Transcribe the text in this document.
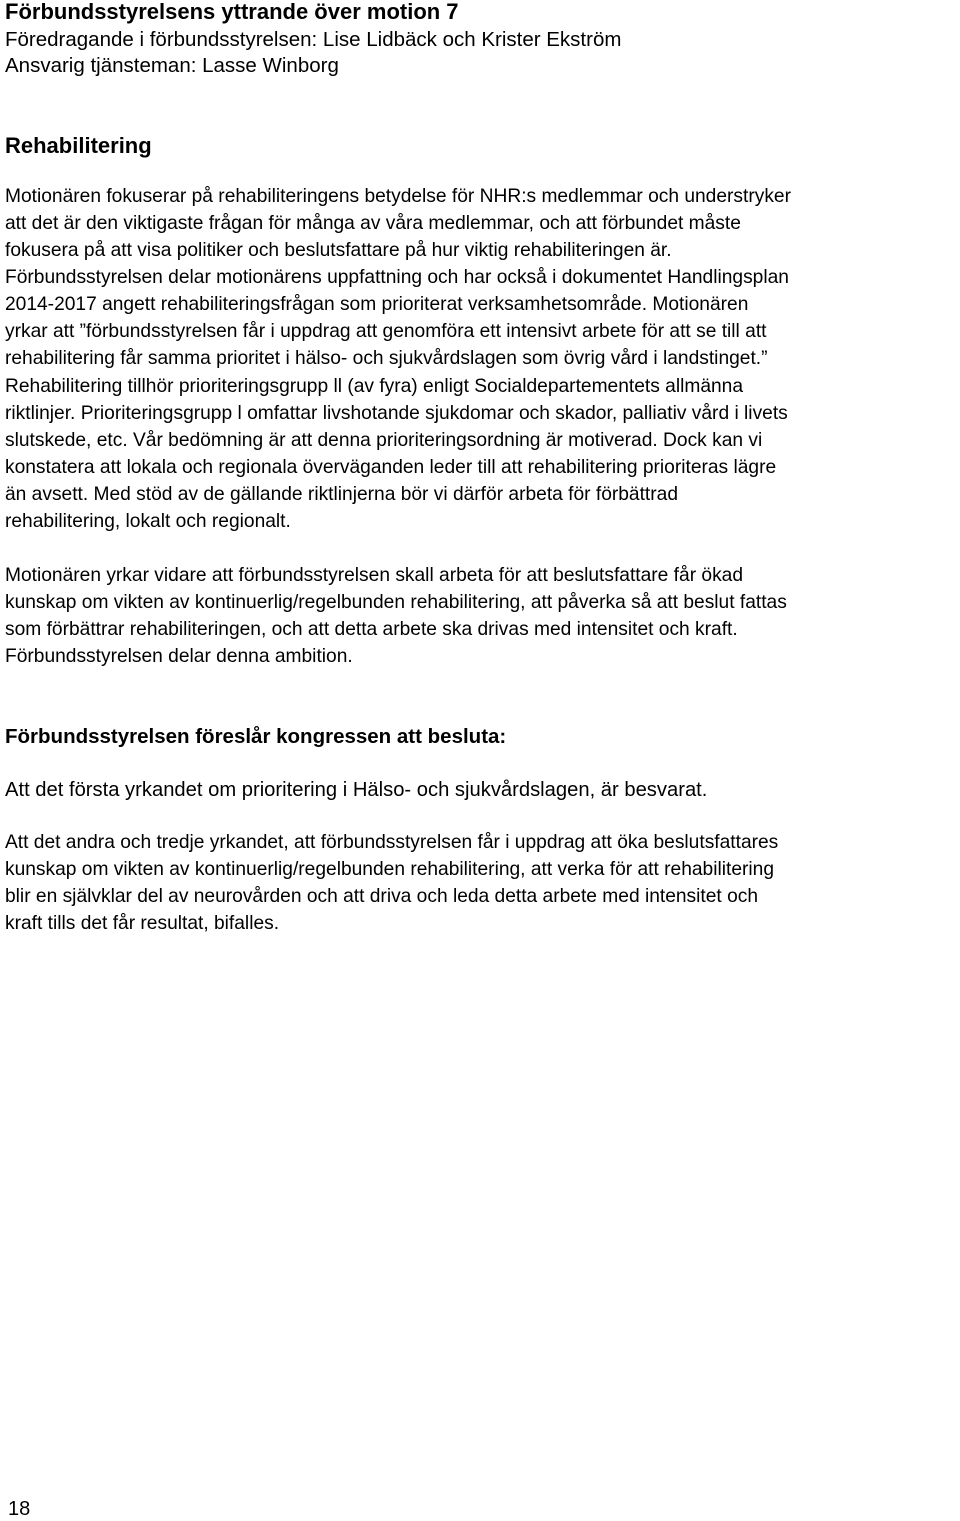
Förbundsstyrelsens yttrande över motion 7
Föredragande i förbundsstyrelsen: Lise Lidbäck och Krister Ekström
Ansvarig tjänsteman: Lasse Winborg
Rehabilitering
Motionären fokuserar på rehabiliteringens betydelse för NHR:s medlemmar och understryker
att det är den viktigaste frågan för många av våra medlemmar, och att förbundet måste
fokusera på att visa politiker och beslutsfattare på hur viktig rehabiliteringen är.
Förbundsstyrelsen delar motionärens uppfattning och har också i dokumentet Handlingsplan
2014-2017 angett rehabiliteringsfrågan som prioriterat verksamhetsområde. Motionären
yrkar att ”förbundsstyrelsen får i uppdrag att genomföra ett intensivt arbete för att se till att
rehabilitering får samma prioritet i hälso- och sjukvårdslagen som övrig vård i landstinget.”
Rehabilitering tillhör prioriteringsgrupp ll (av fyra) enligt Socialdepartementets allmänna
riktlinjer. Prioriteringsgrupp l omfattar livshotande sjukdomar och skador, palliativ vård i livets
slutskede, etc. Vår bedömning är att denna prioriteringsordning är motiverad. Dock kan vi
konstatera att lokala och regionala överväganden leder till att rehabilitering prioriteras lägre
än avsett. Med stöd av de gällande riktlinjerna bör vi därför arbeta för förbättrad
rehabilitering, lokalt och regionalt.
Motionären yrkar vidare att förbundsstyrelsen skall arbeta för att beslutsfattare får ökad
kunskap om vikten av kontinuerlig/regelbunden rehabilitering, att påverka så att beslut fattas
som förbättrar rehabiliteringen, och att detta arbete ska drivas med intensitet och kraft.
Förbundsstyrelsen delar denna ambition.
Förbundsstyrelsen föreslår kongressen att besluta:
Att det första yrkandet om prioritering i Hälso- och sjukvårdslagen, är besvarat.
Att det andra och tredje yrkandet, att förbundsstyrelsen får i uppdrag att öka beslutsfattares
kunskap om vikten av kontinuerlig/regelbunden rehabilitering, att verka för att rehabilitering
blir en självklar del av neurovården och att driva och leda detta arbete med intensitet och
kraft tills det får resultat, bifalles.
18
